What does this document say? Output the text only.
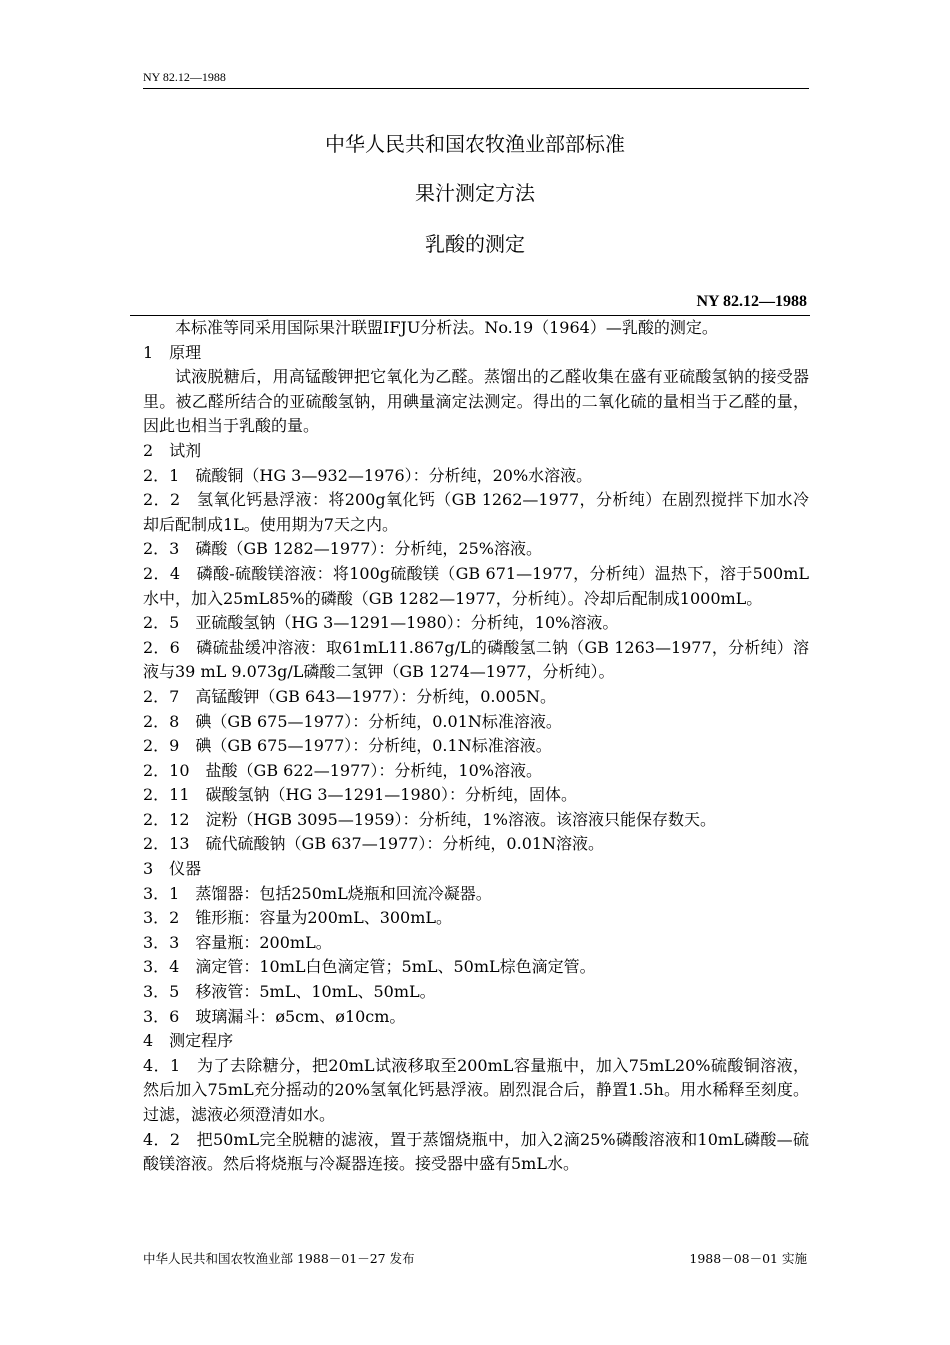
NY 82.12—1988
中华人民共和国农牧渔业部部标准
果汁测定方法
乳酸的测定
NY 82.12—1988

本标准等同采用国际果汁联盟IFJU分析法。No.19（1964）—乳酸的测定。

1　原理

试液脱糖后，用高锰酸钾把它氧化为乙醛。蒸馏出的乙醛收集在盛有亚硫酸氢钠的接受器里。被乙醛所结合的亚硫酸氢钠，用碘量滴定法测定。得出的二氧化硫的量相当于乙醛的量，因此也相当于乳酸的量。

2　试剂

2．1　硫酸铜（HG 3—932—1976）：分析纯，20%水溶液。

2．2　氢氧化钙悬浮液：将200g氧化钙（GB 1262—1977，分析纯）在剧烈搅拌下加水冷却后配制成1L。使用期为7天之内。

2．3　磷酸（GB 1282—1977）：分析纯，25%溶液。

2．4　磷酸-硫酸镁溶液：将100g硫酸镁（GB 671—1977，分析纯）温热下，溶于500mL水中，加入25mL85%的磷酸（GB 1282—1977，分析纯）。冷却后配制成1000mL。

2．5　亚硫酸氢钠（HG 3—1291—1980）：分析纯，10%溶液。

2．6　磷硫盐缓冲溶液：取61mL11.867g/L的磷酸氢二钠（GB 1263—1977，分析纯）溶液与39 mL 9.073g/L磷酸二氢钾（GB 1274—1977，分析纯）。

2．7　高锰酸钾（GB 643—1977）：分析纯，0.005N。

2．8　碘（GB 675—1977）：分析纯，0.01N标准溶液。

2．9　碘（GB 675—1977）：分析纯，0.1N标准溶液。

2．10　盐酸（GB 622—1977）：分析纯，10%溶液。

2．11　碳酸氢钠（HG 3—1291—1980）：分析纯，固体。

2．12　淀粉（HGB 3095—1959）：分析纯，1%溶液。该溶液只能保存数天。

2．13　硫代硫酸钠（GB 637—1977）：分析纯，0.01N溶液。

3　仪器

3．1　蒸馏器：包括250mL烧瓶和回流冷凝器。

3．2　锥形瓶：容量为200mL、300mL。

3．3　容量瓶：200mL。

3．4　滴定管：10mL白色滴定管；5mL、50mL棕色滴定管。

3．5　移液管：5mL、10mL、50mL。

3．6　玻璃漏斗：ø5cm、ø10cm。

4　测定程序

4．1　为了去除糖分，把20mL试液移取至200mL容量瓶中，加入75mL20%硫酸铜溶液，然后加入75mL充分摇动的20%氢氧化钙悬浮液。剧烈混合后，静置1.5h。用水稀释至刻度。过滤，滤液必须澄清如水。

4．2　把50mL完全脱糖的滤液，置于蒸馏烧瓶中，加入2滴25%磷酸溶液和10mL磷酸—硫酸镁溶液。然后将烧瓶与冷凝器连接。接受器中盛有5mL水。

中华人民共和国农牧渔业部 1988－01－27 发布	1988－08－01 实施
